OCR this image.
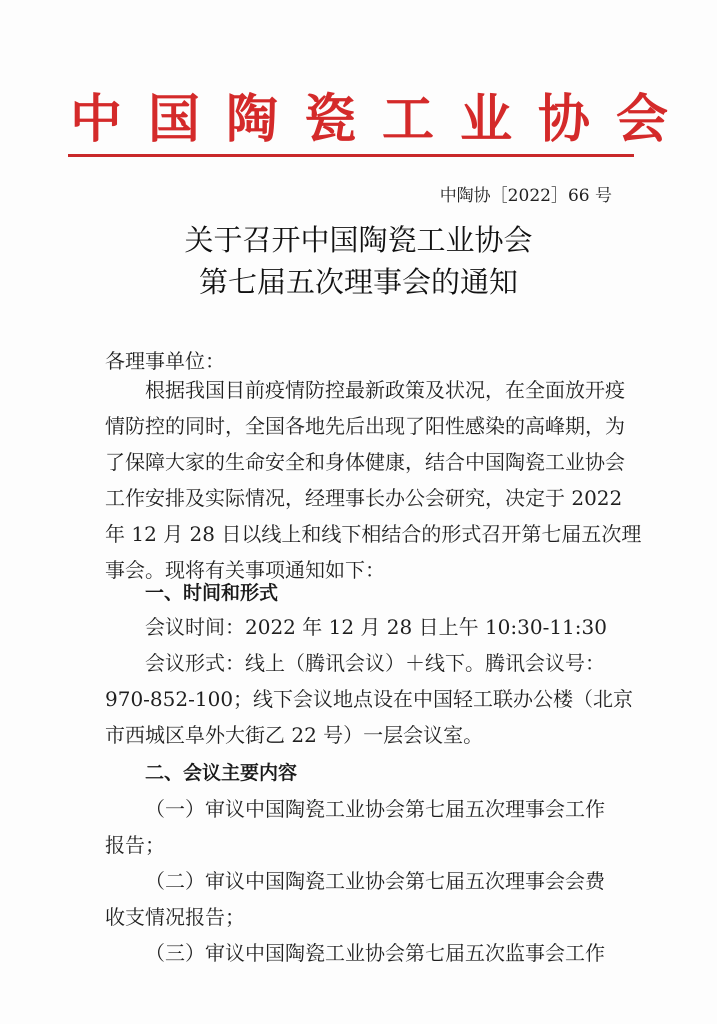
中国陶瓷工业协会
中陶协［2022］66 号
关于召开中国陶瓷工业协会
第七届五次理事会的通知
各理事单位：
根据我国目前疫情防控最新政策及状况，在全面放开疫
情防控的同时，全国各地先后出现了阳性感染的高峰期，为
了保障大家的生命安全和身体健康，结合中国陶瓷工业协会
工作安排及实际情况，经理事长办公会研究，决定于 2022
年 12 月 28 日以线上和线下相结合的形式召开第七届五次理
事会。现将有关事项通知如下：
一、时间和形式
会议时间：2022 年 12 月 28 日上午 10:30-11:30
会议形式：线上（腾讯会议）＋线下。腾讯会议号：
970-852-100；线下会议地点设在中国轻工联办公楼（北京
市西城区阜外大街乙 22 号）一层会议室。
二、会议主要内容
（一）审议中国陶瓷工业协会第七届五次理事会工作
报告；
（二）审议中国陶瓷工业协会第七届五次理事会会费
收支情况报告；
（三）审议中国陶瓷工业协会第七届五次监事会工作
